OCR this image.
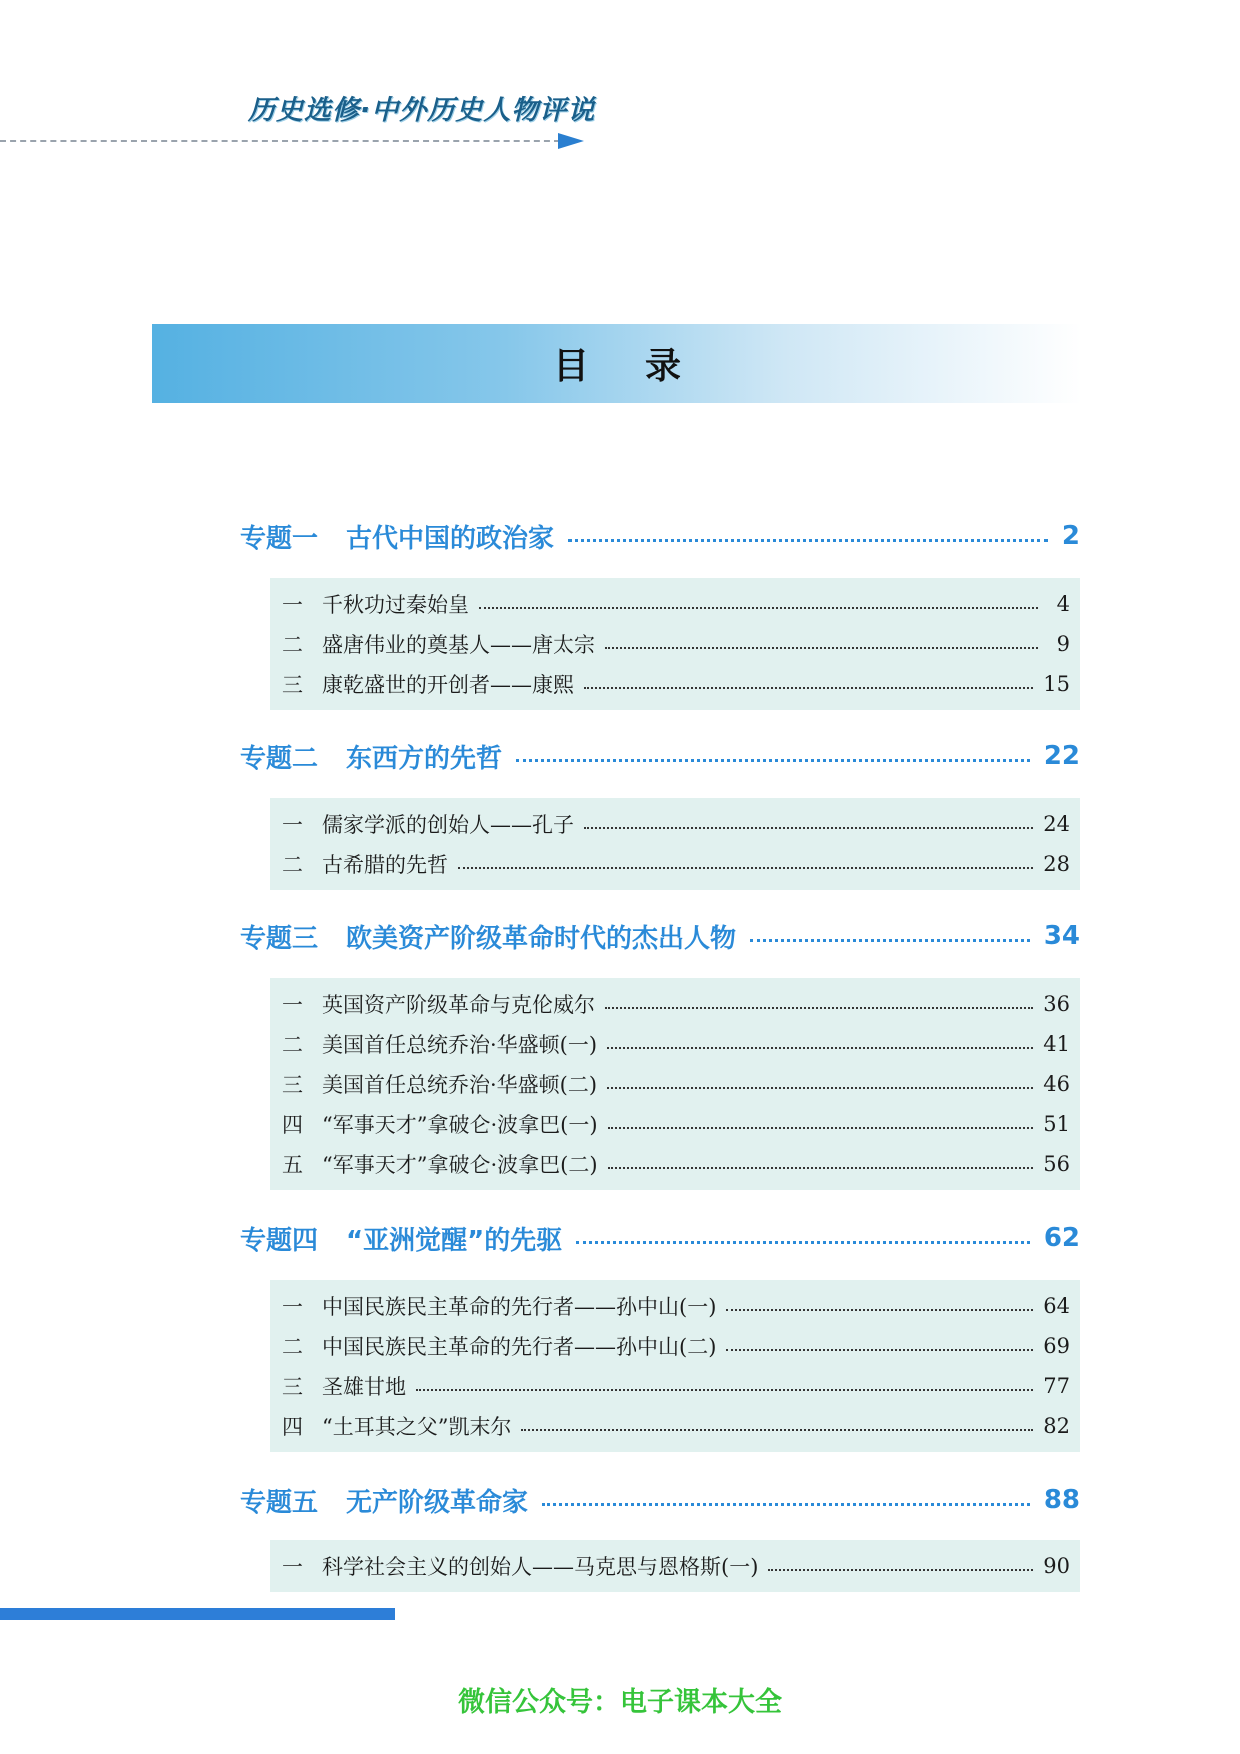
历史选修·中外历史人物评说
目录
专题一 古代中国的政治家	2
一 千秋功过秦始皇	4
二 盛唐伟业的奠基人——唐太宗	9
三 康乾盛世的开创者——康熙	15
专题二 东西方的先哲	22
一 儒家学派的创始人——孔子	24
二 古希腊的先哲	28
专题三 欧美资产阶级革命时代的杰出人物	34
一 英国资产阶级革命与克伦威尔	36
二 美国首任总统乔治·华盛顿(一)	41
三 美国首任总统乔治·华盛顿(二)	46
四 “军事天才”拿破仑·波拿巴(一)	51
五 “军事天才”拿破仑·波拿巴(二)	56
专题四 “亚洲觉醒”的先驱	62
一 中国民族民主革命的先行者——孙中山(一)	64
二 中国民族民主革命的先行者——孙中山(二)	69
三 圣雄甘地	77
四 “土耳其之父”凯末尔	82
专题五 无产阶级革命家	88
一 科学社会主义的创始人——马克思与恩格斯(一)	90
微信公众号：电子课本大全
